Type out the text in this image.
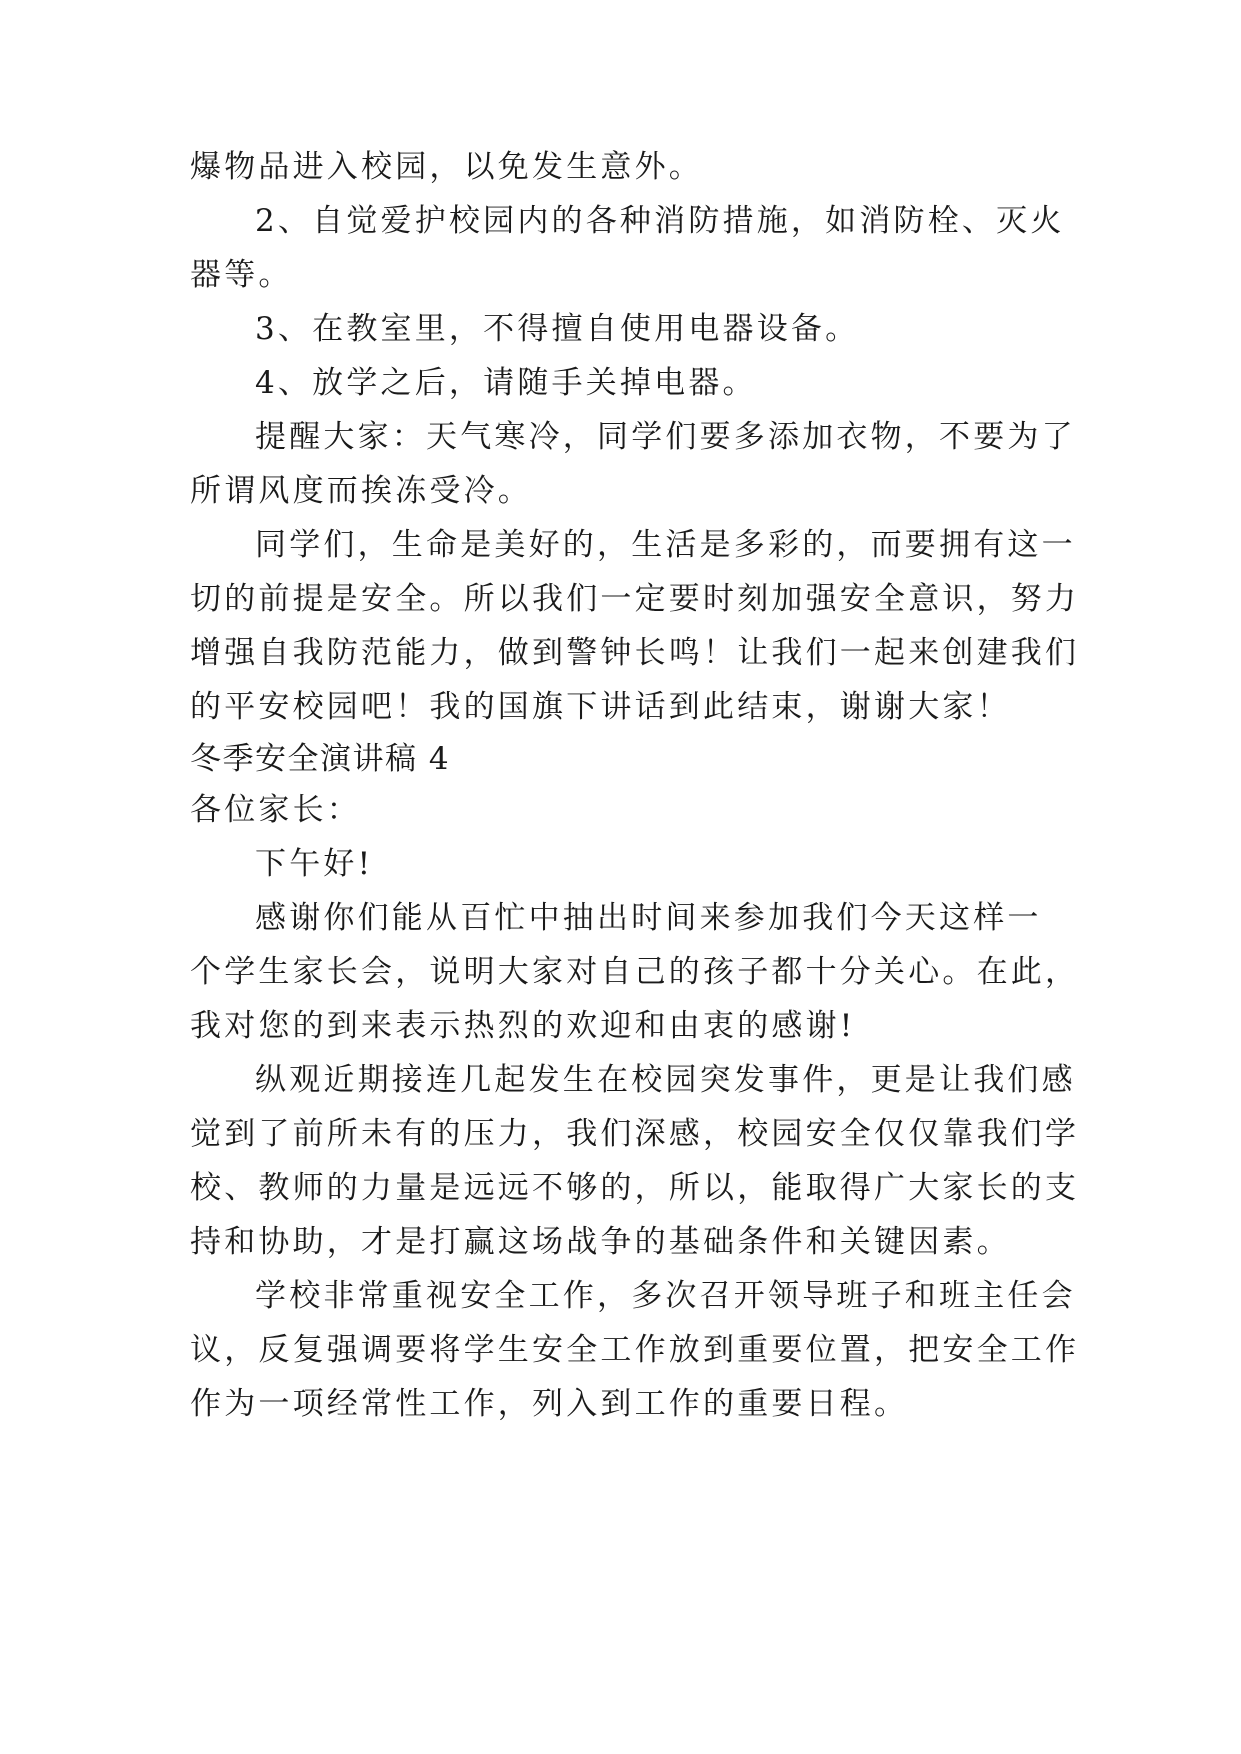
爆物品进入校园，以免发生意外。
2、自觉爱护校园内的各种消防措施，如消防栓、灭火
器等。
3、在教室里，不得擅自使用电器设备。
4、放学之后，请随手关掉电器。
提醒大家：天气寒冷，同学们要多添加衣物，不要为了
所谓风度而挨冻受冷。
同学们，生命是美好的，生活是多彩的，而要拥有这一
切的前提是安全。所以我们一定要时刻加强安全意识，努力
增强自我防范能力，做到警钟长鸣！让我们一起来创建我们
的平安校园吧！我的国旗下讲话到此结束，谢谢大家！
冬季安全演讲稿 4
各位家长：
下午好!
感谢你们能从百忙中抽出时间来参加我们今天这样一
个学生家长会，说明大家对自己的孩子都十分关心。在此，
我对您的到来表示热烈的欢迎和由衷的感谢!
纵观近期接连几起发生在校园突发事件，更是让我们感
觉到了前所未有的压力，我们深感，校园安全仅仅靠我们学
校、教师的力量是远远不够的，所以，能取得广大家长的支
持和协助，才是打赢这场战争的基础条件和关键因素。
学校非常重视安全工作，多次召开领导班子和班主任会
议，反复强调要将学生安全工作放到重要位置，把安全工作
作为一项经常性工作，列入到工作的重要日程。
